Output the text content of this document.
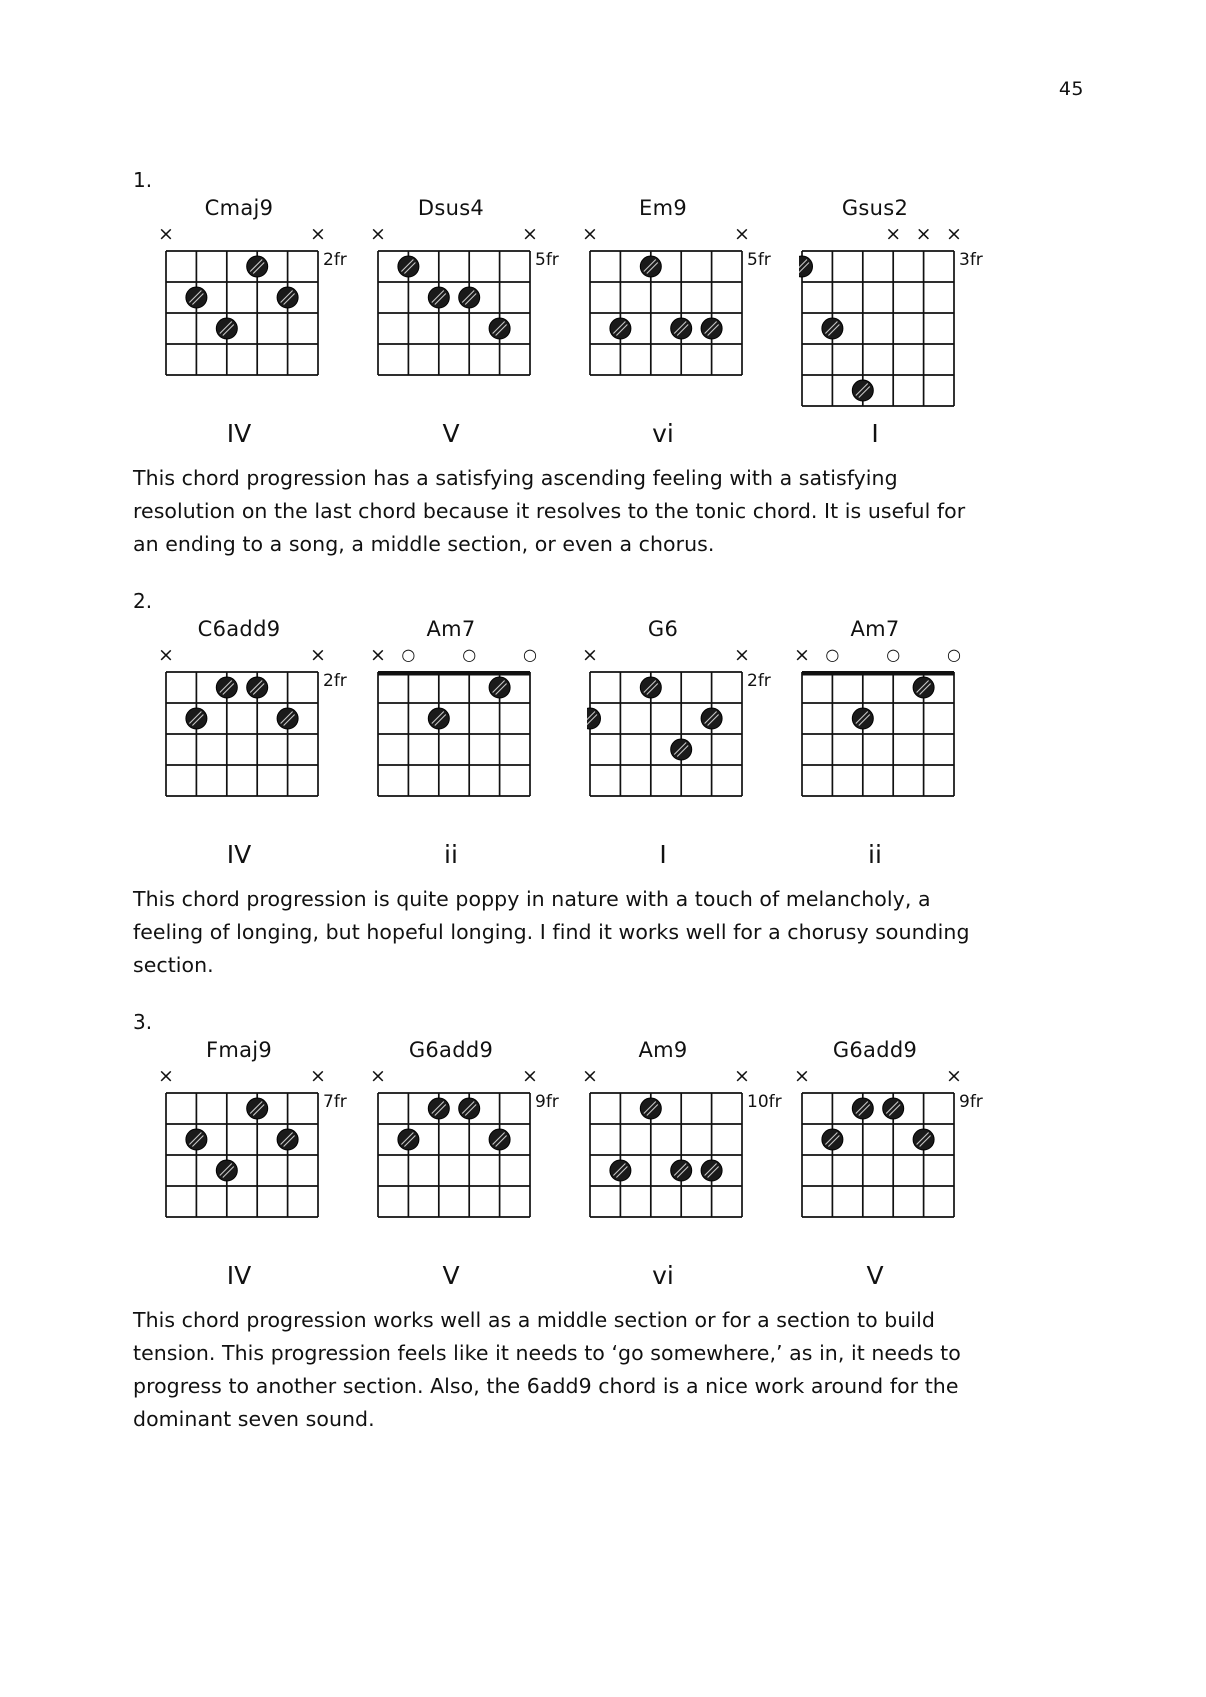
45
1.
Cmaj9
×	×
2fr
IV
Dsus4
×	×
5fr
V
Em9
×	×
5fr
vi
Gsus2
× × ×
3fr
I

This chord progression has a satisfying ascending feeling with a satisfying resolution on the last chord because it resolves to the tonic chord. It is useful for an ending to a song, a middle section, or even a chorus.

2.
C6add9
×	×
2fr
IV
Am7
× ○	○	○
ii
G6
×	×
2fr
I
Am7
× ○	○	○
ii

This chord progression is quite poppy in nature with a touch of melancholy, a feeling of longing, but hopeful longing. I find it works well for a chorusy sounding section.

3.
Fmaj9
×	×
7fr
IV
G6add9
×	×
9fr
V
Am9
×	×
10fr
vi
G6add9
×	×
9fr
V

This chord progression works well as a middle section or for a section to build tension. This progression feels like it needs to ‘go somewhere,’ as in, it needs to progress to another section. Also, the 6add9 chord is a nice work around for the dominant seven sound.
